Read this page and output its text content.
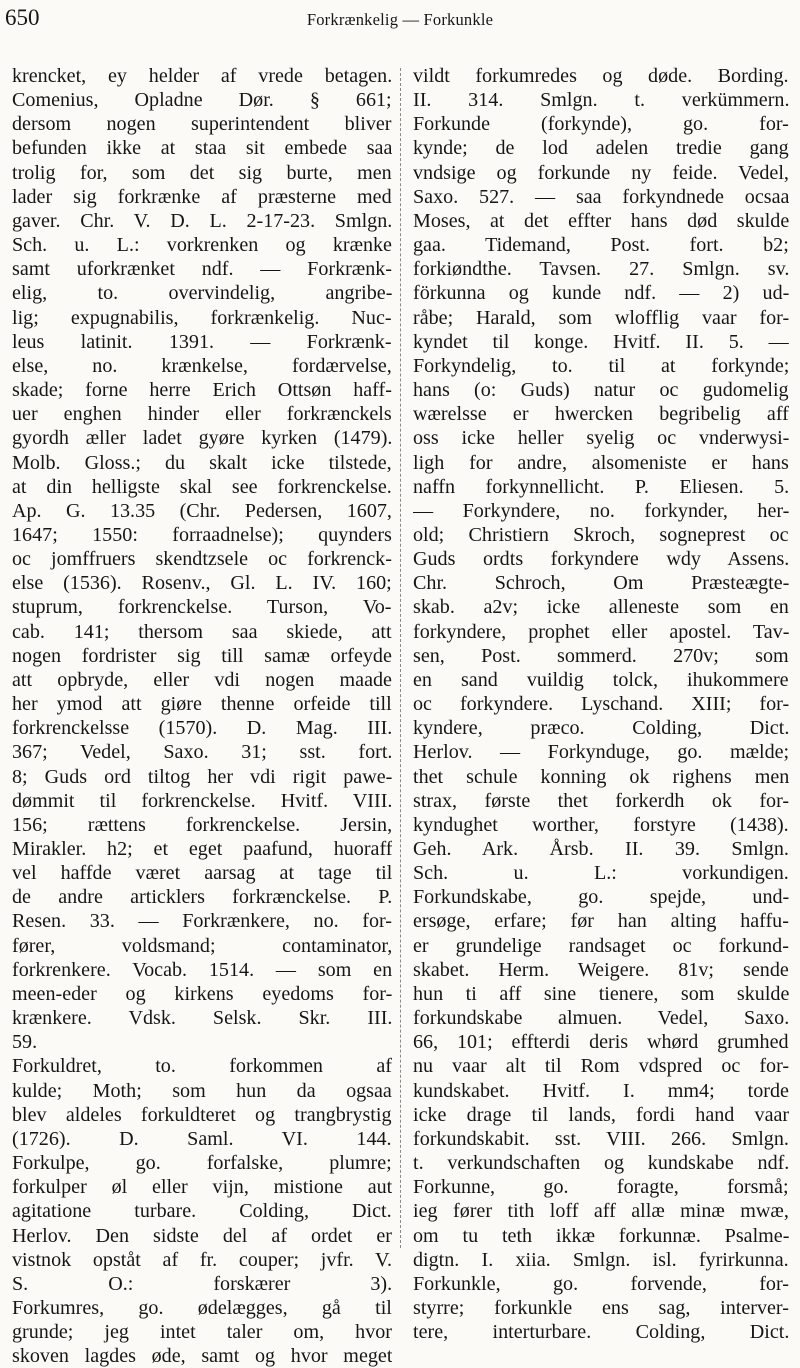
650	Forkrænkelig — Forkunkle
krencket, ey helder af vrede betagen.
Comenius, Opladne Dør. § 661;
dersom nogen superintendent bliver
befunden ikke at staa sit embede saa
trolig for, som det sig burte, men
lader sig forkrænke af præsterne med
gaver. Chr. V. D. L. 2-17-23. Smlgn.
Sch. u. L.: vorkrenken og krænke
samt uforkrænket ndf. — Forkrænk-
elig, to. overvindelig, angribe-
lig; expugnabilis, forkrænkelig. Nuc-
leus latinit. 1391. — Forkrænk-
else, no. krænkelse, fordærvelse,
skade; forne herre Erich Ottsøn haff-
uer enghen hinder eller forkrænckels
gyordh æller ladet gyøre kyrken (1479).
Molb. Gloss.; du skalt icke tilstede,
at din helligste skal see forkrenckelse.
Ap. G. 13.35 (Chr. Pedersen, 1607,
1647; 1550: forraadnelse); quynders
oc jomffruers skendtzsele oc forkrenck-
else (1536). Rosenv., Gl. L. IV. 160;
stuprum, forkrenckelse. Turson, Vo-
cab. 141; thersom saa skiede, att
nogen fordrister sig till samæ orfeyde
att opbryde, eller vdi nogen maade
her ymod att giøre thenne orfeide till
forkrenckelsse (1570). D. Mag. III.
367; Vedel, Saxo. 31; sst. fort.
8; Guds ord tiltog her vdi rigit pawe-
dømmit til forkrenckelse. Hvitf. VIII.
156; rættens forkrenckelse. Jersin,
Mirakler. h2; et eget paafund, huoraff
vel haffde været aarsag at tage til
de andre articklers forkrænckelse. P.
Resen. 33. — Forkrænkere, no. for-
fører, voldsmand; contaminator,
forkrenkere. Vocab. 1514. — som en
meen-eder og kirkens eyedoms for-
krænkere. Vdsk. Selsk. Skr. III.
59.
Forkuldret, to. forkommen af
kulde; Moth; som hun da ogsaa
blev aldeles forkuldteret og trangbrystig
(1726). D. Saml. VI. 144.
Forkulpe, go. forfalske, plumre;
forkulper øl eller vijn, mistione aut
agitatione turbare. Colding, Dict.
Herlov. Den sidste del af ordet er
vistnok opståt af fr. couper; jvfr. V.
S. O.: forskærer 3).
Forkumres, go. ødelægges, gå til
grunde; jeg intet taler om, hvor
skoven lagdes øde, samt og hvor meget
vildt forkumredes og døde. Bording.
II. 314. Smlgn. t. verkümmern.
Forkunde (forkynde), go. for-
kynde; de lod adelen tredie gang
vndsige og forkunde ny feide. Vedel,
Saxo. 527. — saa forkyndnede ocsaa
Moses, at det effter hans død skulde
gaa. Tidemand, Post. fort. b2;
forkiøndthe. Tavsen. 27. Smlgn. sv.
förkunna og kunde ndf. — 2) ud-
råbe; Harald, som wlofflig vaar for-
kyndet til konge. Hvitf. II. 5. —
Forkyndelig, to. til at forkynde;
hans (o: Guds) natur oc gudomelig
wærelsse er hwercken begribelig aff
oss icke heller syelig oc vnderwysi-
ligh for andre, alsomeniste er hans
naffn forkynnellicht. P. Eliesen. 5.
— Forkyndere, no. forkynder, her-
old; Christiern Skroch, sogneprest oc
Guds ordts forkyndere wdy Assens.
Chr. Schroch, Om Præsteægte-
skab. a2v; icke alleneste som en
forkyndere, prophet eller apostel. Tav-
sen, Post. sommerd. 270v; som
en sand vuildig tolck, ihukommere
oc forkyndere. Lyschand. XIII; for-
kyndere, præco. Colding, Dict.
Herlov. — Forkynduge, go. mælde;
thet schule konning ok righens men
strax, første thet forkerdh ok for-
kyndughet worther, forstyre (1438).
Geh. Ark. Årsb. II. 39. Smlgn.
Sch. u. L.: vorkundigen.
Forkundskabe, go. spejde, und-
ersøge, erfare; før han alting haffu-
er grundelige randsaget oc forkund-
skabet. Herm. Weigere. 81v; sende
hun ti aff sine tienere, som skulde
forkundskabe almuen. Vedel, Saxo.
66, 101; effterdi deris whørd grumhed
nu vaar alt til Rom vdspred oc for-
kundskabet. Hvitf. I. mm4; torde
icke drage til lands, fordi hand vaar
forkundskabit. sst. VIII. 266. Smlgn.
t. verkundschaften og kundskabe ndf.
Forkunne, go. foragte, forsmå;
ieg fører tith loff aff allæ minæ mwæ,
om tu teth ikkæ forkunnæ. Psalme-
digtn. I. xiia. Smlgn. isl. fyrirkunna.
Forkunkle, go. forvende, for-
styrre; forkunkle ens sag, interver-
tere, interturbare. Colding, Dict.
